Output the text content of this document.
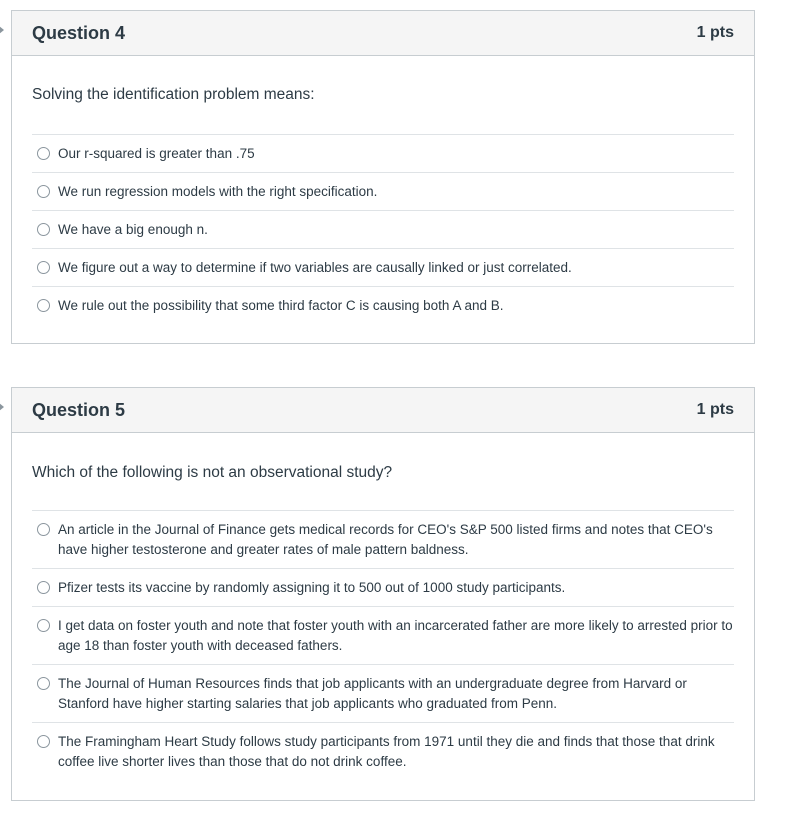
Question 4	1 pts

Solving the identification problem means:

Our r-squared is greater than .75
We run regression models with the right specification.
We have a big enough n.
We figure out a way to determine if two variables are causally linked or just correlated.
We rule out the possibility that some third factor C is causing both A and B.
Question 5	1 pts

Which of the following is not an observational study?

An article in the Journal of Finance gets medical records for CEO's S&P 500 listed firms and notes that CEO's have higher testosterone and greater rates of male pattern baldness.
Pfizer tests its vaccine by randomly assigning it to 500 out of 1000 study participants.
I get data on foster youth and note that foster youth with an incarcerated father are more likely to arrested prior to age 18 than foster youth with deceased fathers.
The Journal of Human Resources finds that job applicants with an undergraduate degree from Harvard or Stanford have higher starting salaries that job applicants who graduated from Penn.
The Framingham Heart Study follows study participants from 1971 until they die and finds that those that drink coffee live shorter lives than those that do not drink coffee.
